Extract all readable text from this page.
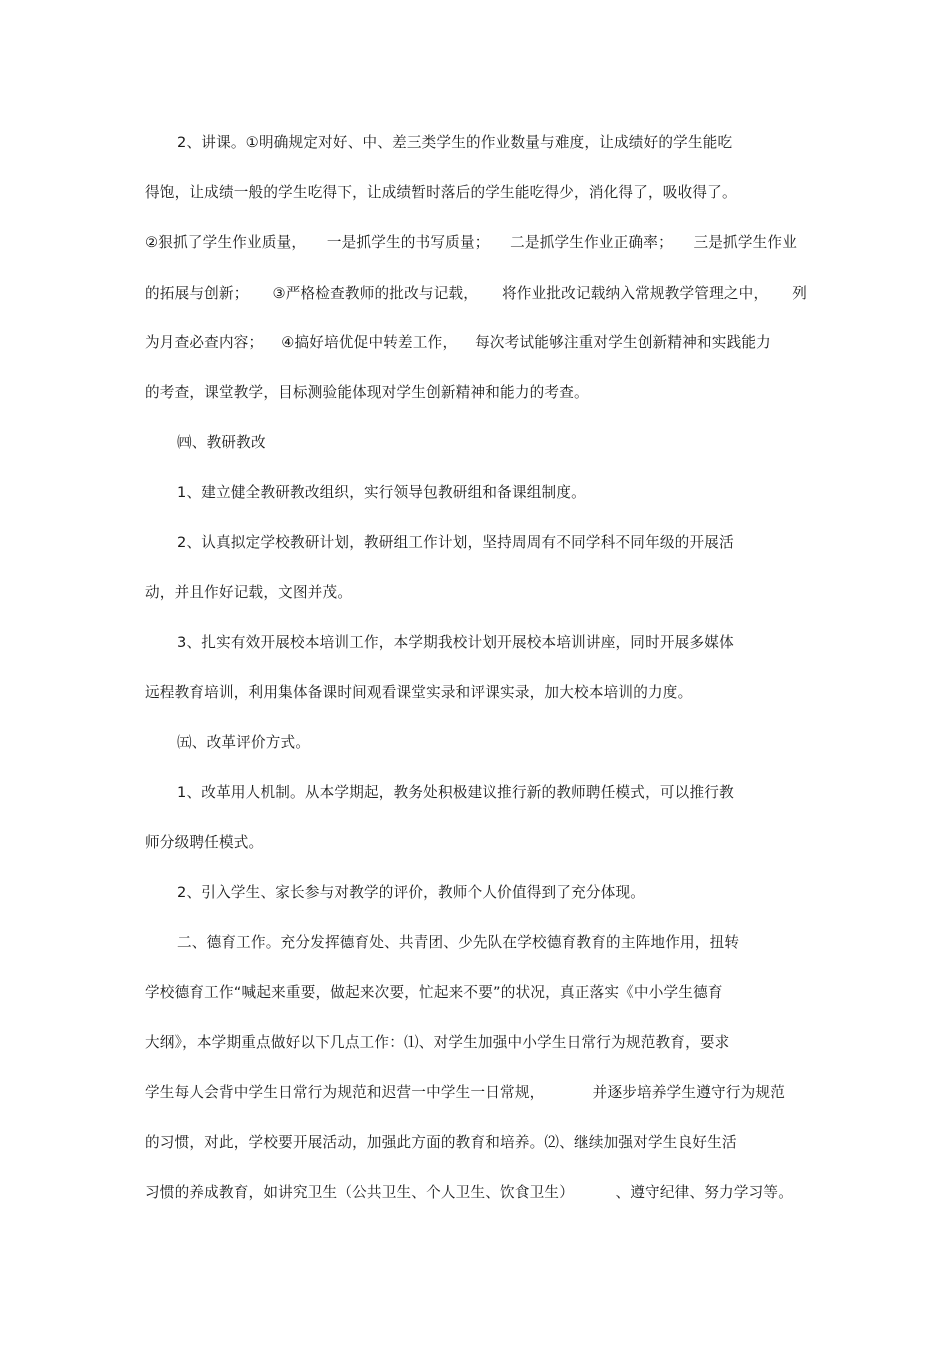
2、讲课。①明确规定对好、中、差三类学生的作业数量与难度，让成绩好的学生能吃
得饱，让成绩一般的学生吃得下，让成绩暂时落后的学生能吃得少，消化得了，吸收得了。
②狠抓了学生作业质量， 一是抓学生的书写质量； 二是抓学生作业正确率； 三是抓学生作业
的拓展与创新； ③严格检查教师的批改与记载， 将作业批改记载纳入常规教学管理之中， 列
为月查必查内容； ④搞好培优促中转差工作， 每次考试能够注重对学生创新精神和实践能力
的考查，课堂教学，目标测验能体现对学生创新精神和能力的考查。
㈣、教研教改
1、建立健全教研教改组织，实行领导包教研组和备课组制度。
2、认真拟定学校教研计划，教研组工作计划，坚持周周有不同学科不同年级的开展活
动，并且作好记载，文图并茂。
3、扎实有效开展校本培训工作，本学期我校计划开展校本培训讲座，同时开展多媒体
远程教育培训，利用集体备课时间观看课堂实录和评课实录，加大校本培训的力度。
㈤、改革评价方式。
1、改革用人机制。从本学期起，教务处积极建议推行新的教师聘任模式，可以推行教
师分级聘任模式。
2、引入学生、家长参与对教学的评价，教师个人价值得到了充分体现。
二、德育工作。充分发挥德育处、共青团、少先队在学校德育教育的主阵地作用，扭转
学校德育工作“喊起来重要，做起来次要，忙起来不要”的状况，真正落实《中小学生德育
大纲》，本学期重点做好以下几点工作：⑴、对学生加强中小学生日常行为规范教育，要求
学生每人会背中学生日常行为规范和迟营一中学生一日常规，	并逐步培养学生遵守行为规范
的习惯，对此，学校要开展活动，加强此方面的教育和培养。⑵、继续加强对学生良好生活
习惯的养成教育，如讲究卫生（公共卫生、个人卫生、饮食卫生）	、遵守纪律、努力学习等。
